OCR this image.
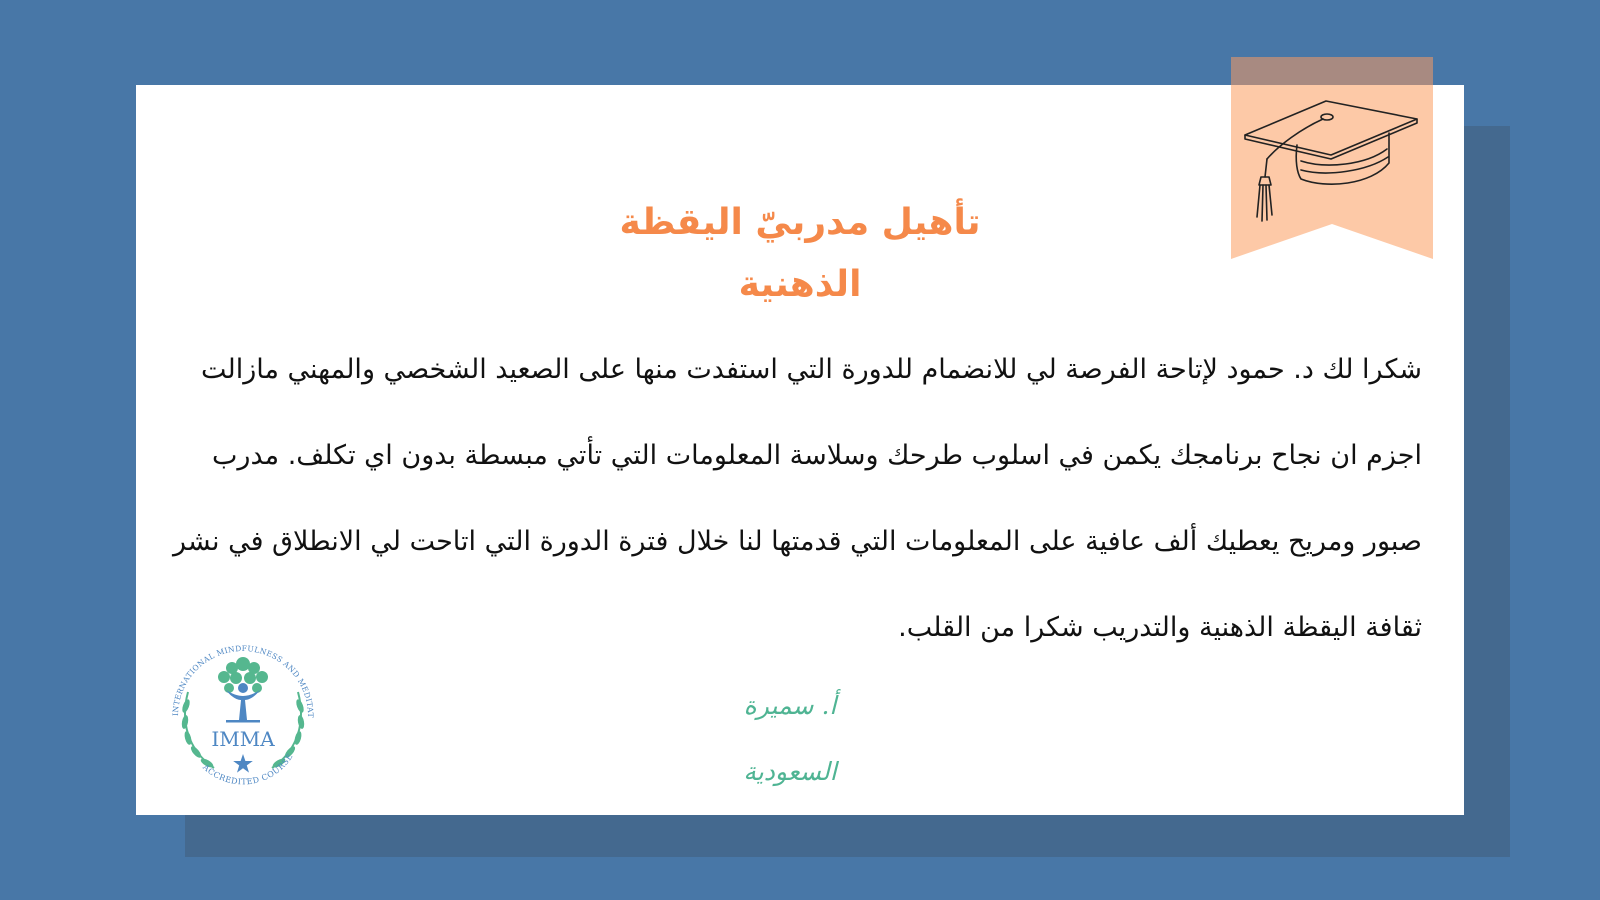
تأهيل مدربيّ اليقظة
الذهنية
شكرا لك د. حمود لإتاحة الفرصة لي للانضمام للدورة التي استفدت منها على الصعيد الشخصي والمهني مازالت
اجزم ان نجاح برنامجك يكمن في اسلوب طرحك وسلاسة المعلومات التي تأتي مبسطة بدون اي تكلف. مدرب
صبور ومريح يعطيك ألف عافية على المعلومات التي قدمتها لنا خلال فترة الدورة التي اتاحت لي الانطلاق في نشر
ثقافة اليقظة الذهنية والتدريب شكرا من القلب.
أ. سميرة
السعودية
INTERNATIONAL MINDFULNESS AND MEDITAT
ACCREDITED COURSE
IMMA
